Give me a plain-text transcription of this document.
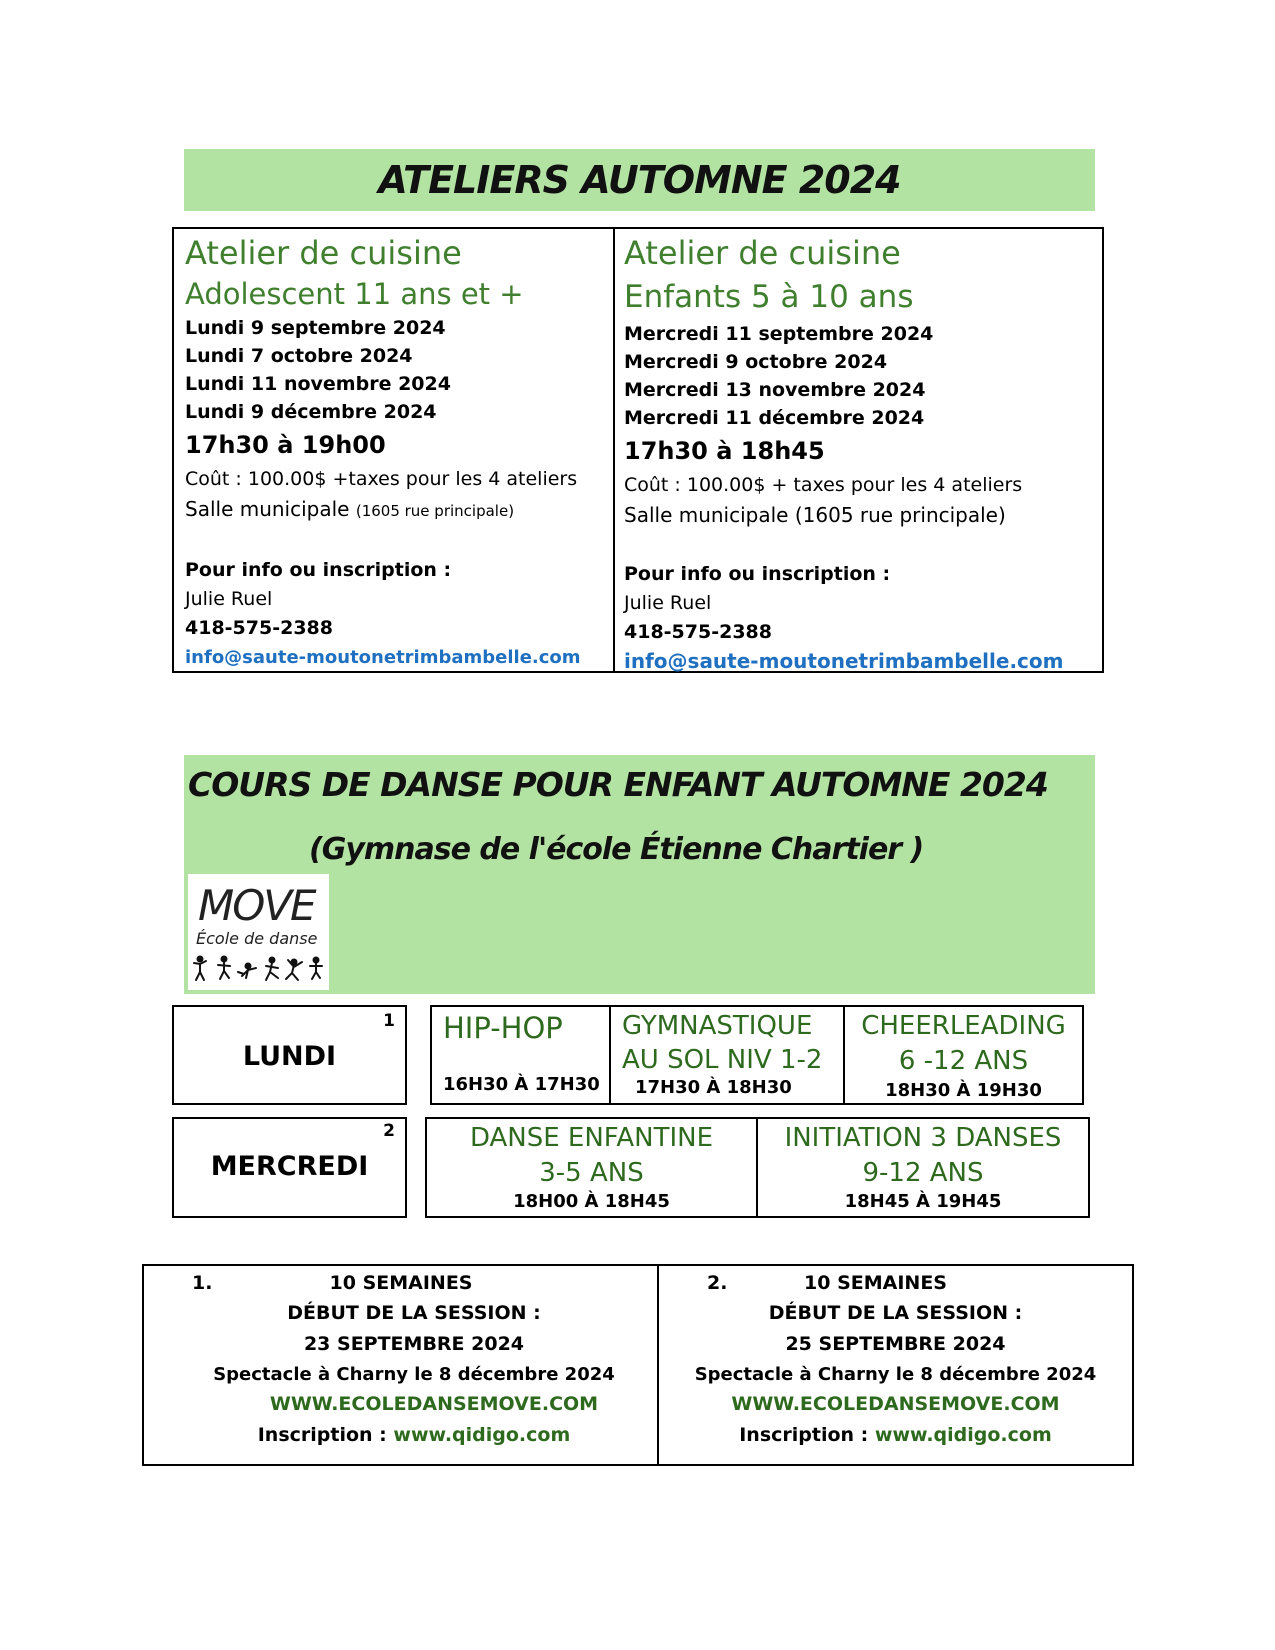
ATELIERS AUTOMNE 2024
Atelier de cuisine
Adolescent 11 ans et +
Lundi 9 septembre 2024
Lundi 7 octobre 2024
Lundi 11 novembre 2024
Lundi 9 décembre 2024
17h30 à 19h00
Coût : 100.00$ +taxes pour les 4 ateliers
Salle municipale (1605 rue principale)
Pour info ou inscription :
Julie Ruel
418-575-2388
info@saute-moutonetrimbambelle.com
Atelier de cuisine
Enfants 5 à 10 ans
Mercredi 11 septembre 2024
Mercredi 9 octobre 2024
Mercredi 13 novembre 2024
Mercredi 11 décembre 2024
17h30 à 18h45
Coût : 100.00$ + taxes pour les 4 ateliers
Salle municipale (1605 rue principale)
Pour info ou inscription :
Julie Ruel
418-575-2388
info@saute-moutonetrimbambelle.com
COURS DE DANSE POUR ENFANT AUTOMNE 2024
(Gymnase de l'école Étienne Chartier )
MOVE
École de danse
1
LUNDI
HIP-HOP
16H30 À 17H30
GYMNASTIQUE
AU SOL NIV 1-2
17H30 À 18H30
CHEERLEADING
6 -12 ANS
18H30 À 19H30
2
MERCREDI
DANSE ENFANTINE
3-5 ANS
18H00 À 18H45
INITIATION 3 DANSES
9-12 ANS
18H45 À 19H45
1.	10 SEMAINES
DÉBUT DE LA SESSION :
23 SEPTEMBRE 2024
Spectacle à Charny le 8 décembre 2024
WWW.ECOLEDANSEMOVE.COM
Inscription : www.qidigo.com
2.	10 SEMAINES
DÉBUT DE LA SESSION :
25 SEPTEMBRE 2024
Spectacle à Charny le 8 décembre 2024
WWW.ECOLEDANSEMOVE.COM
Inscription : www.qidigo.com
